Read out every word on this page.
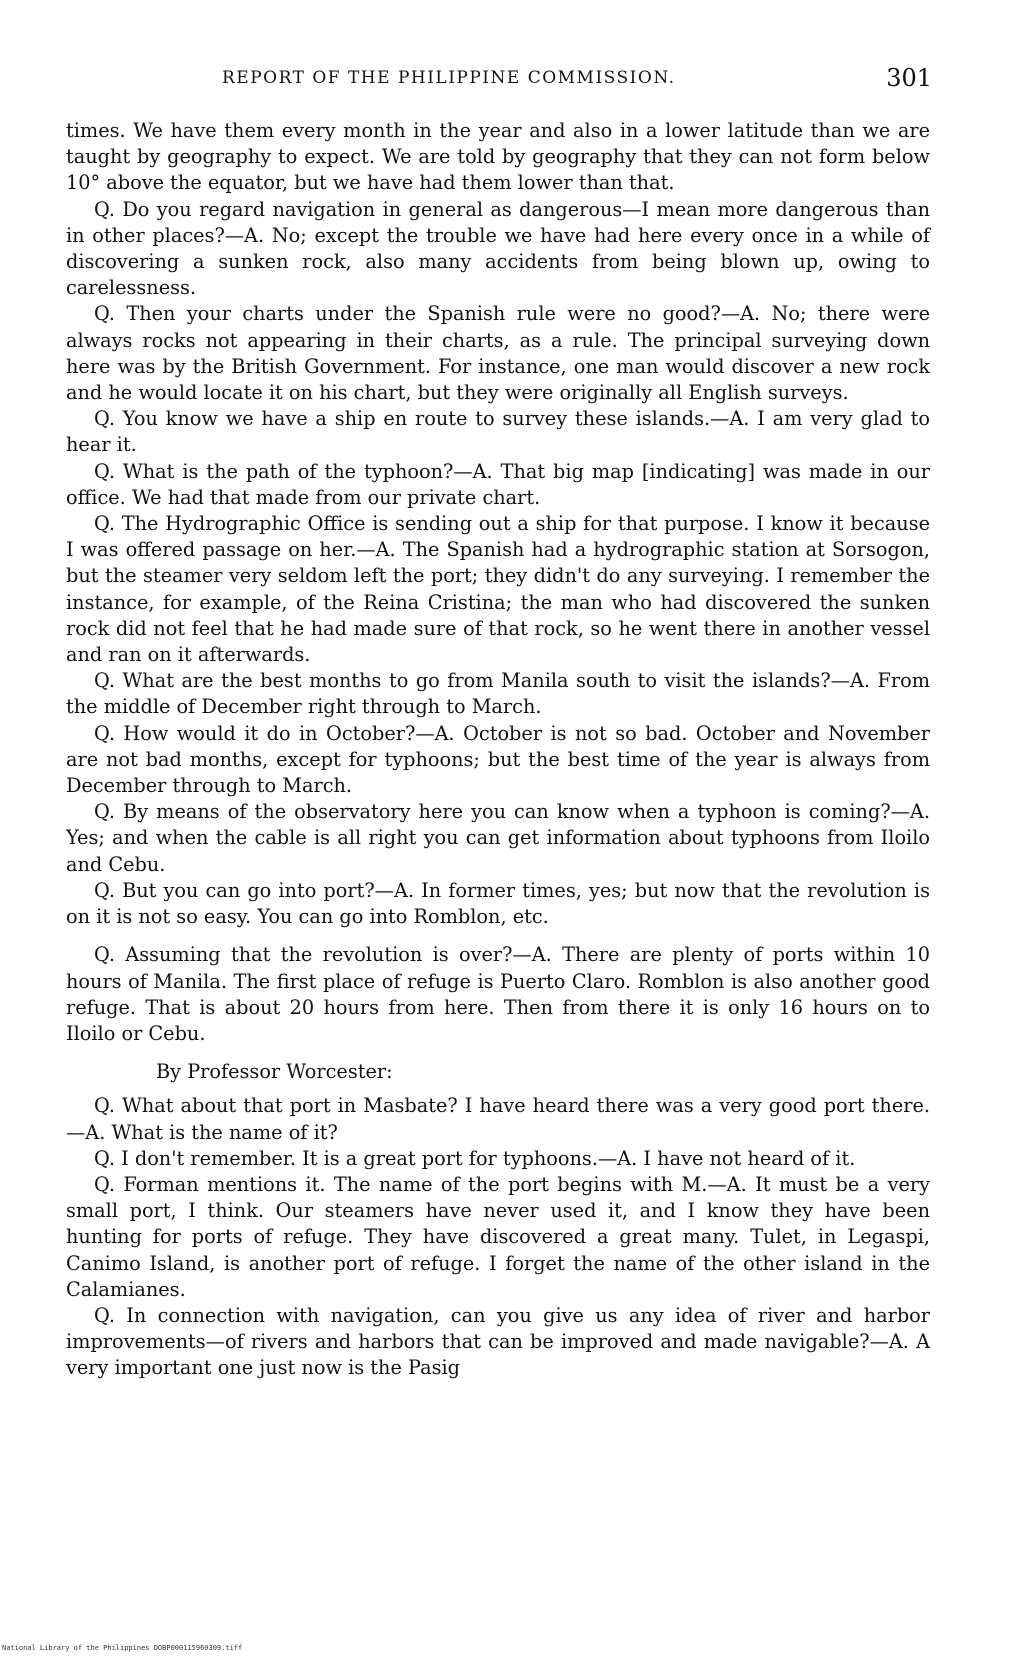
REPORT OF THE PHILIPPINE COMMISSION.	301

times. We have them every month in the year and also in a lower latitude than we are taught by geography to expect. We are told by geography that they can not form below 10° above the equator, but we have had them lower than that.

Q. Do you regard navigation in general as dangerous—I mean more dangerous than in other places?—A. No; except the trouble we have had here every once in a while of discovering a sunken rock, also many accidents from being blown up, owing to carelessness.

Q. Then your charts under the Spanish rule were no good?—A. No; there were always rocks not appearing in their charts, as a rule. The principal surveying down here was by the British Government. For instance, one man would discover a new rock and he would locate it on his chart, but they were originally all English surveys.

Q. You know we have a ship en route to survey these islands.—A. I am very glad to hear it.

Q. What is the path of the typhoon?—A. That big map [indicating] was made in our office. We had that made from our private chart.

Q. The Hydrographic Office is sending out a ship for that purpose. I know it because I was offered passage on her.—A. The Spanish had a hydrographic station at Sorsogon, but the steamer very seldom left the port; they didn't do any surveying. I remember the instance, for example, of the Reina Cristina; the man who had discovered the sunken rock did not feel that he had made sure of that rock, so he went there in another vessel and ran on it afterwards.

Q. What are the best months to go from Manila south to visit the islands?—A. From the middle of December right through to March.

Q. How would it do in October?—A. October is not so bad. October and November are not bad months, except for typhoons; but the best time of the year is always from December through to March.

Q. By means of the observatory here you can know when a typhoon is coming?—A. Yes; and when the cable is all right you can get information about typhoons from Iloilo and Cebu.

Q. But you can go into port?—A. In former times, yes; but now that the revolution is on it is not so easy. You can go into Romblon, etc.

Q. Assuming that the revolution is over?—A. There are plenty of ports within 10 hours of Manila. The first place of refuge is Puerto Claro. Romblon is also another good refuge. That is about 20 hours from here. Then from there it is only 16 hours on to Iloilo or Cebu.

By Professor Worcester:

Q. What about that port in Masbate? I have heard there was a very good port there.—A. What is the name of it?

Q. I don't remember. It is a great port for typhoons.—A. I have not heard of it.

Q. Forman mentions it. The name of the port begins with M.—A. It must be a very small port, I think. Our steamers have never used it, and I know they have been hunting for ports of refuge. They have discovered a great many. Tulet, in Legaspi, Canimo Island, is another port of refuge. I forget the name of the other island in the Calamianes.

Q. In connection with navigation, can you give us any idea of river and harbor improvements—of rivers and harbors that can be improved and made navigable?—A. A very important one just now is the Pasig

National Library of the Philippines DOBP000115960309.tiff
